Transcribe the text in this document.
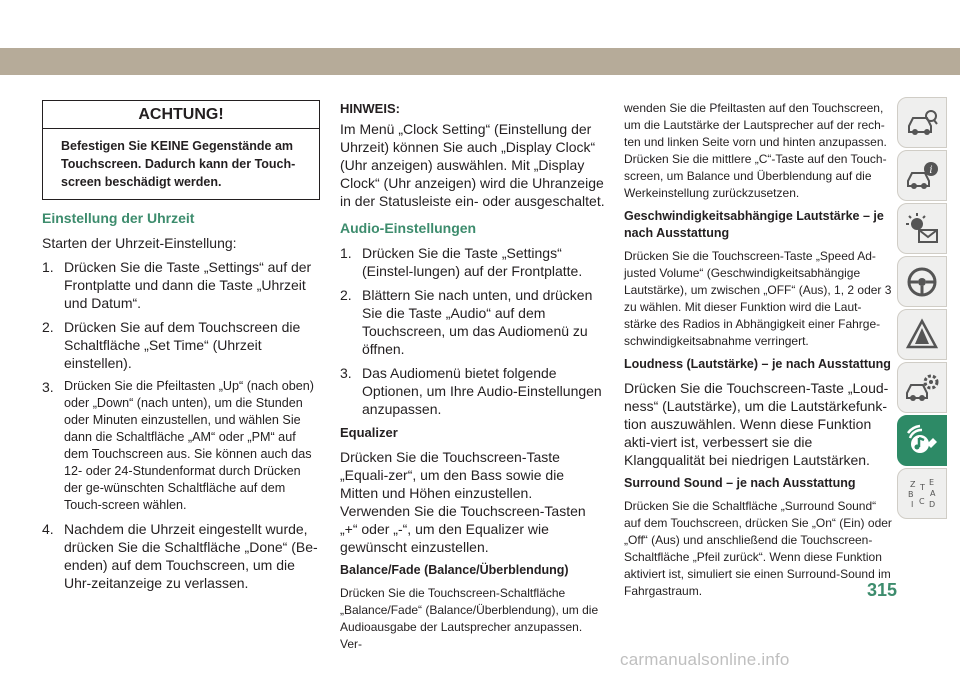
ACHTUNG!
Befestigen Sie KEINE Gegenstände am Touchscreen. Dadurch kann der Touch-screen beschädigt werden.
Einstellung der Uhrzeit

Starten der Uhrzeit-Einstellung:

1. Drücken Sie die Taste „Settings“ auf der Frontplatte und dann die Taste „Uhrzeit und Datum“.
2. Drücken Sie auf dem Touchscreen die Schaltfläche „Set Time“ (Uhrzeit einstellen).
3. Drücken Sie die Pfeiltasten „Up“ (nach oben) oder „Down“ (nach unten), um die Stunden oder Minuten einzustellen, und wählen Sie dann die Schaltfläche „AM“ oder „PM“ auf dem Touchscreen aus. Sie können auch das 12- oder 24-Stundenformat durch Drücken der ge-wünschten Schaltfläche auf dem Touch-screen wählen.
4. Nachdem die Uhrzeit eingestellt wurde, drücken Sie die Schaltfläche „Done“ (Be-enden) auf dem Touchscreen, um die Uhr-zeitanzeige zu verlassen.
HINWEIS:

Im Menü „Clock Setting“ (Einstellung der Uhrzeit) können Sie auch „Display Clock“ (Uhr anzeigen) auswählen. Mit „Display Clock“ (Uhr anzeigen) wird die Uhranzeige in der Statusleiste ein- oder ausgeschaltet.

Audio-Einstellungen
1. Drücken Sie die Taste „Settings“ (Einstel-lungen) auf der Frontplatte.
2. Blättern Sie nach unten, und drücken Sie die Taste „Audio“ auf dem Touchscreen, um das Audiomenü zu öffnen.
3. Das Audiomenü bietet folgende Optionen, um Ihre Audio-Einstellungen anzupassen.
Equalizer

Drücken Sie die Touchscreen-Taste „Equali-zer“, um den Bass sowie die Mitten und Höhen einzustellen. Verwenden Sie die Touchscreen-Tasten „+“ oder „-“, um den Equalizer wie gewünscht einzustellen.

Balance/Fade (Balance/Überblendung)

Drücken Sie die Touchscreen-Schaltfläche „Balance/Fade“ (Balance/Überblendung), um die Audioausgabe der Lautsprecher anzupassen. Ver-

wenden Sie die Pfeiltasten auf den Touchscreen, um die Lautstärke der Lautsprecher auf der rech-ten und linken Seite vorn und hinten anzupassen. Drücken Sie die mittlere „C“-Taste auf den Touch-screen, um Balance und Überblendung auf die Werkeinstellung zurückzusetzen.

Geschwindigkeitsabhängige Lautstärke – je nach Ausstattung

Drücken Sie die Touchscreen-Taste „Speed Ad-justed Volume“ (Geschwindigkeitsabhängige Lautstärke), um zwischen „OFF“ (Aus), 1, 2 oder 3 zu wählen. Mit dieser Funktion wird die Laut-stärke des Radios in Abhängigkeit einer Fahrge-schwindigkeitsabnahme verringert.

Loudness (Lautstärke) – je nach Ausstattung

Drücken Sie die Touchscreen-Taste „Loud-ness“ (Lautstärke), um die Lautstärkefunk-tion auszuwählen. Wenn diese Funktion akti-viert ist, verbessert sie die Klangqualität bei niedrigen Lautstärken.

Surround Sound – je nach Ausstattung

Drücken Sie die Schaltfläche „Surround Sound“ auf dem Touchscreen, drücken Sie „On“ (Ein) oder „Off“ (Aus) und anschließend die Touchscreen-Schaltfläche „Pfeil zurück“. Wenn diese Funktion aktiviert ist, simuliert sie einen Surround-Sound im Fahrgastraum.

i
Z E
B A
I D
C
T
315
carmanualsonline.info
